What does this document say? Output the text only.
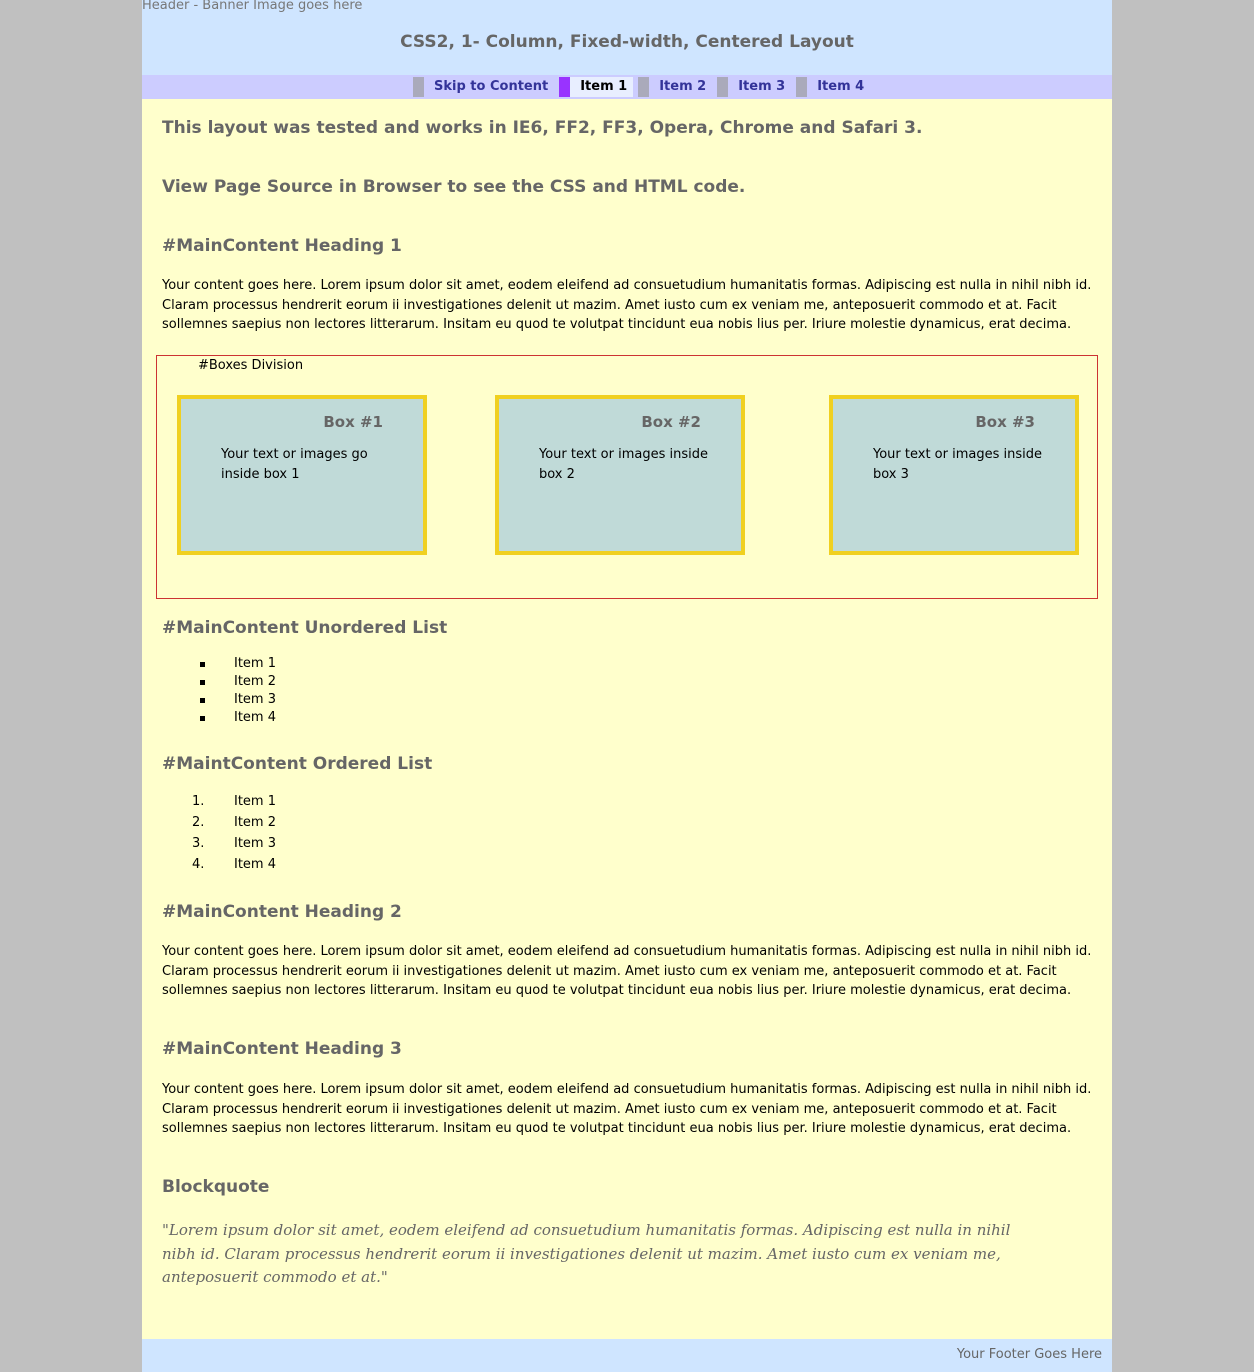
Header - Banner Image goes here
CSS2, 1- Column, Fixed-width, Centered Layout
Skip to Content	Item 1	Item 2	Item 3	Item 4
This layout was tested and works in IE6, FF2, FF3, Opera, Chrome and Safari 3.
View Page Source in Browser to see the CSS and HTML code.
#MainContent Heading 1

Your content goes here. Lorem ipsum dolor sit amet, eodem eleifend ad consuetudium humanitatis formas. Adipiscing est nulla in nihil nibh id. Claram processus hendrerit eorum ii investigationes delenit ut mazim. Amet iusto cum ex veniam me, anteposuerit commodo et at. Facit sollemnes saepius non lectores litterarum. Insitam eu quod te volutpat tincidunt eua nobis lius per. Iriure molestie dynamicus, erat decima.

#MainContent Unordered List
Item 1
Item 2
Item 3
Item 4
#MaintContent Ordered List
1. Item 1
2. Item 2
3. Item 3
4. Item 4
#MainContent Heading 2

Your content goes here. Lorem ipsum dolor sit amet, eodem eleifend ad consuetudium humanitatis formas. Adipiscing est nulla in nihil nibh id. Claram processus hendrerit eorum ii investigationes delenit ut mazim. Amet iusto cum ex veniam me, anteposuerit commodo et at. Facit sollemnes saepius non lectores litterarum. Insitam eu quod te volutpat tincidunt eua nobis lius per. Iriure molestie dynamicus, erat decima.

#MainContent Heading 3

Your content goes here. Lorem ipsum dolor sit amet, eodem eleifend ad consuetudium humanitatis formas. Adipiscing est nulla in nihil nibh id. Claram processus hendrerit eorum ii investigationes delenit ut mazim. Amet iusto cum ex veniam me, anteposuerit commodo et at. Facit sollemnes saepius non lectores litterarum. Insitam eu quod te volutpat tincidunt eua nobis lius per. Iriure molestie dynamicus, erat decima.

Blockquote
#Boxes Division
Box #1
Your text or images go inside box 1
Box #2
Your text or images inside box 2
Box #3
Your text or images inside box 3
"Lorem ipsum dolor sit amet, eodem eleifend ad consuetudium humanitatis formas. Adipiscing est nulla in nihil nibh id. Claram processus hendrerit eorum ii investigationes delenit ut mazim. Amet iusto cum ex veniam me, anteposuerit commodo et at."
Your Footer Goes Here
